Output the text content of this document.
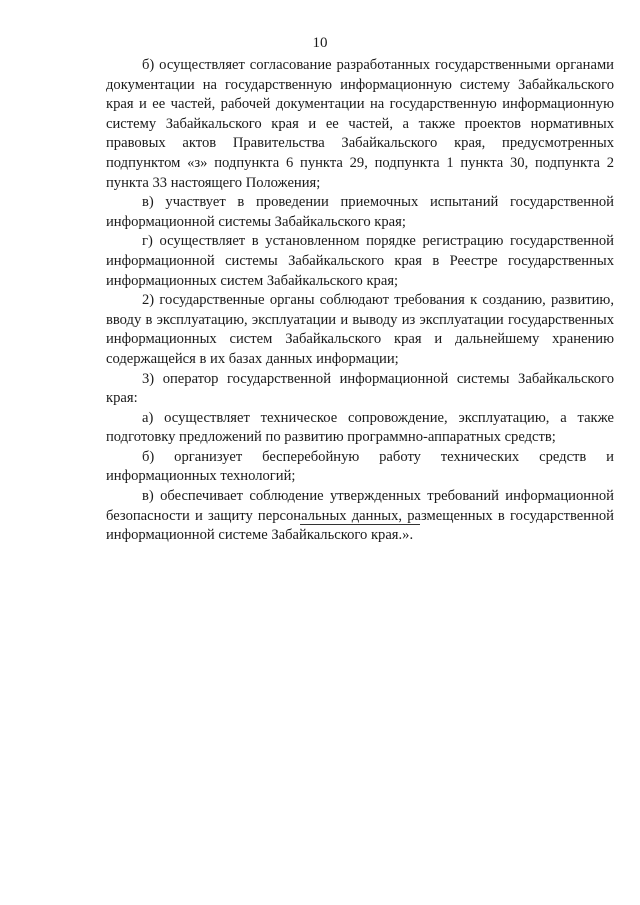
10

б) осуществляет согласование разработанных государственными органами документации на государственную информационную систему Забайкальского края и ее частей, рабочей документации на государственную информационную систему Забайкальского края и ее частей, а также проектов нормативных правовых актов Правительства Забайкальского края, предусмотренных подпунктом «з» подпункта 6 пункта 29, подпункта 1 пункта 30, подпункта 2 пункта 33 настоящего Положения;

в) участвует в проведении приемочных испытаний государственной информационной системы Забайкальского края;

г) осуществляет в установленном порядке регистрацию государственной информационной системы Забайкальского края в Реестре государственных информационных систем Забайкальского края;

2) государственные органы соблюдают требования к созданию, развитию, вводу в эксплуатацию, эксплуатации и выводу из эксплуатации государственных информационных систем Забайкальского края и дальнейшему хранению содержащейся в их базах данных информации;

3) оператор государственной информационной системы Забайкальского края:

а) осуществляет техническое сопровождение, эксплуатацию, а также подготовку предложений по развитию программно-аппаратных средств;

б) организует бесперебойную работу технических средств и информационных технологий;

в) обеспечивает соблюдение утвержденных требований информационной безопасности и защиту персональных данных, размещенных в государственной информационной системе Забайкальского края.».
